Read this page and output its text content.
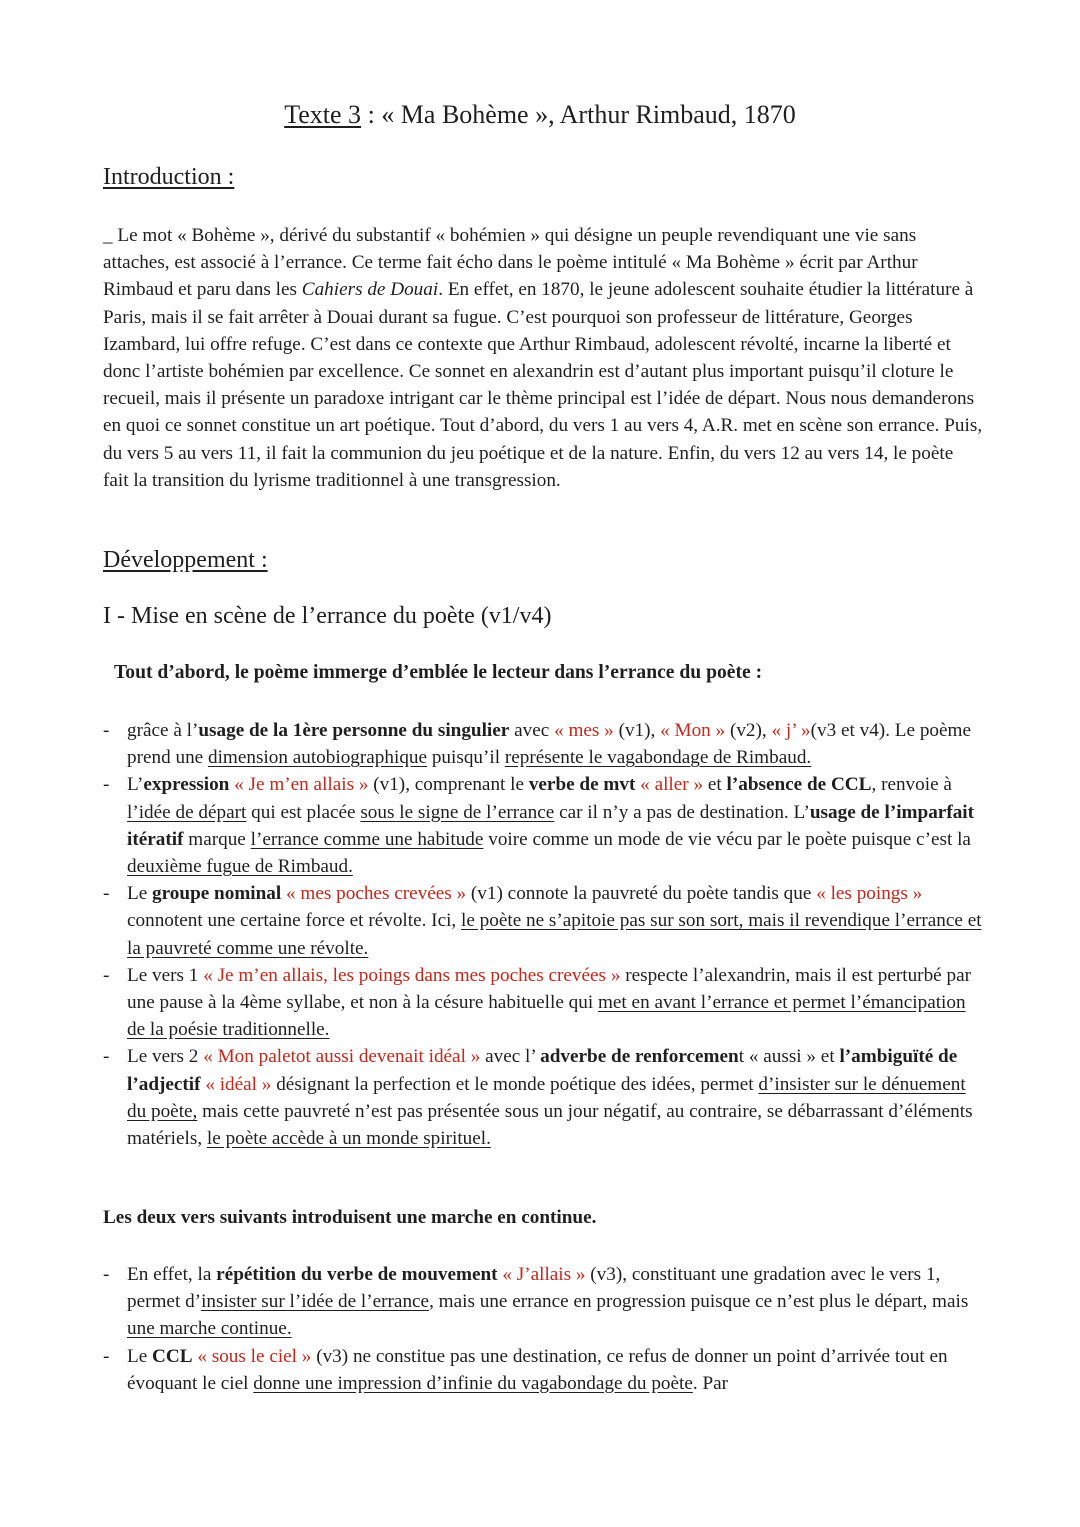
Texte 3 : « Ma Bohème », Arthur Rimbaud, 1870
Introduction :

_ Le mot « Bohème », dérivé du substantif « bohémien » qui désigne un peuple revendiquant une vie sans attaches, est associé à l’errance. Ce terme fait écho dans le poème intitulé « Ma Bohème » écrit par Arthur Rimbaud et paru dans les Cahiers de Douai. En effet, en 1870, le jeune adolescent souhaite étudier la littérature à Paris, mais il se fait arrêter à Douai durant sa fugue. C’est pourquoi son professeur de littérature, Georges Izambard, lui offre refuge. C’est dans ce contexte que Arthur Rimbaud, adolescent révolté, incarne la liberté et donc l’artiste bohémien par excellence. Ce sonnet en alexandrin est d’autant plus important puisqu’il cloture le recueil, mais il présente un paradoxe intrigant car le thème principal est l’idée de départ. Nous nous demanderons en quoi ce sonnet constitue un art poétique. Tout d’abord, du vers 1 au vers 4, A.R. met en scène son errance. Puis, du vers 5 au vers 11, il fait la communion du jeu poétique et de la nature. Enfin, du vers 12 au vers 14, le poète fait la transition du lyrisme traditionnel à une transgression.

Développement :
I - Mise en scène de l’errance du poète (v1/v4)
Tout d’abord, le poème immerge d’emblée le lecteur dans l’errance du poète :
- grâce à l’usage de la 1ère personne du singulier avec « mes » (v1), « Mon » (v2), « j’ »(v3 et v4). Le poème prend une dimension autobiographique puisqu’il représente le vagabondage de Rimbaud.
- L’expression « Je m’en allais » (v1), comprenant le verbe de mvt « aller » et l’absence de CCL, renvoie à l’idée de départ qui est placée sous le signe de l’errance car il n’y a pas de destination. L’usage de l’imparfait itératif marque l’errance comme une habitude voire comme un mode de vie vécu par le poète puisque c’est la deuxième fugue de Rimbaud.
- Le groupe nominal « mes poches crevées » (v1) connote la pauvreté du poète tandis que « les poings » connotent une certaine force et révolte. Ici, le poète ne s’apitoie pas sur son sort, mais il revendique l’errance et la pauvreté comme une révolte.
- Le vers 1 « Je m’en allais, les poings dans mes poches crevées » respecte l’alexandrin, mais il est perturbé par une pause à la 4ème syllabe, et non à la césure habituelle qui met en avant l’errance et permet l’émancipation de la poésie traditionnelle.
- Le vers 2 « Mon paletot aussi devenait idéal » avec l’ adverbe de renforcement « aussi » et l’ambiguïté de l’adjectif « idéal » désignant la perfection et le monde poétique des idées, permet d’insister sur le dénuement du poète, mais cette pauvreté n’est pas présentée sous un jour négatif, au contraire, se débarrassant d’éléments matériels, le poète accède à un monde spirituel.
Les deux vers suivants introduisent une marche en continue.
- En effet, la répétition du verbe de mouvement « J’allais » (v3), constituant une gradation avec le vers 1, permet d’insister sur l’idée de l’errance, mais une errance en progression puisque ce n’est plus le départ, mais une marche continue.
- Le CCL « sous le ciel » (v3) ne constitue pas une destination, ce refus de donner un point d’arrivée tout en évoquant le ciel donne une impression d’infinie du vagabondage du poète. Par
